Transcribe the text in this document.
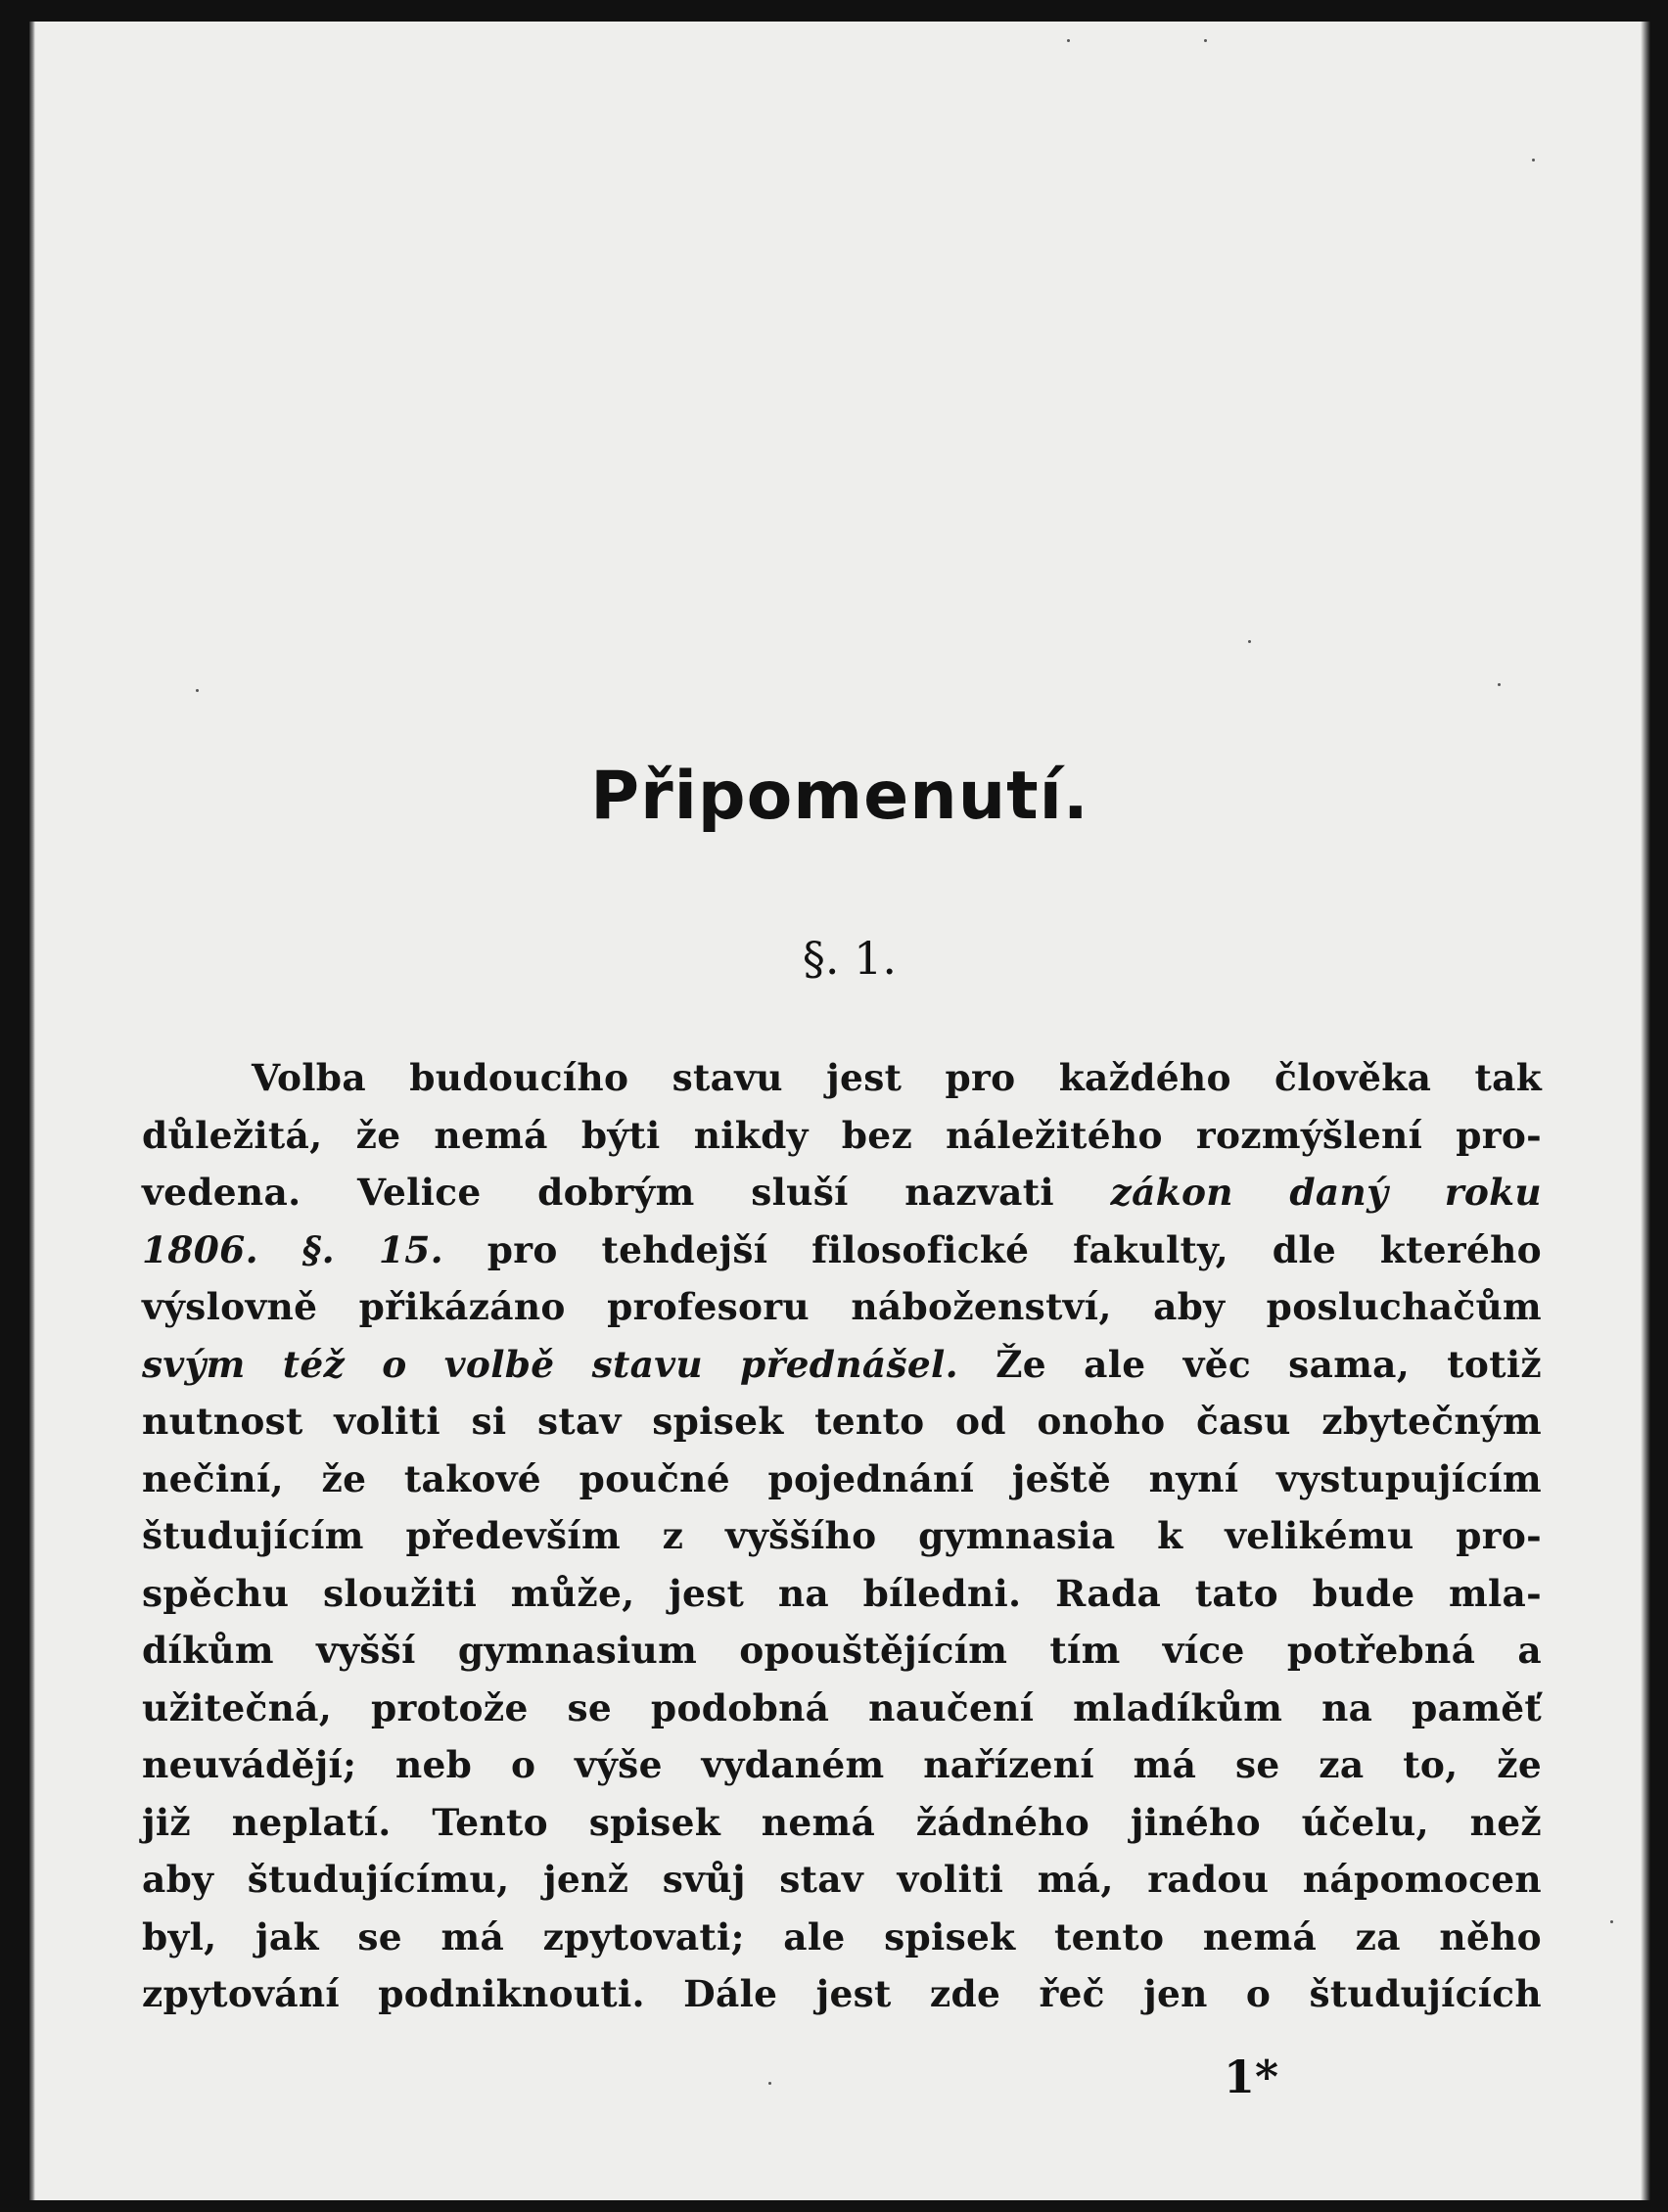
Připomenutí.
§. 1.
Volba budoucího stavu jest pro každého člověka tak
důležitá, že nemá býti nikdy bez náležitého rozmýšlení pro-
vedena. Velice dobrým sluší nazvati zákon daný roku
1806. §. 15. pro tehdejší filosofické fakulty, dle kterého
výslovně přikázáno profesoru náboženství, aby posluchačům
svým též o volbě stavu přednášel. Že ale věc sama, totiž
nutnost voliti si stav spisek tento od onoho času zbytečným
nečiní, že takové poučné pojednání ještě nyní vystupujícím
študujícím především z vyššího gymnasia k velikému pro-
spěchu sloužiti může, jest na bíledni. Rada tato bude mla-
díkům vyšší gymnasium opouštějícím tím více potřebná a
užitečná, protože se podobná naučení mladíkům na paměť
neuvádějí; neb o výše vydaném nařízení má se za to, že
již neplatí. Tento spisek nemá žádného jiného účelu, než
aby študujícímu, jenž svůj stav voliti má, radou nápomocen
byl, jak se má zpytovati; ale spisek tento nemá za něho
zpytování podniknouti. Dále jest zde řeč jen o študujících
1*
